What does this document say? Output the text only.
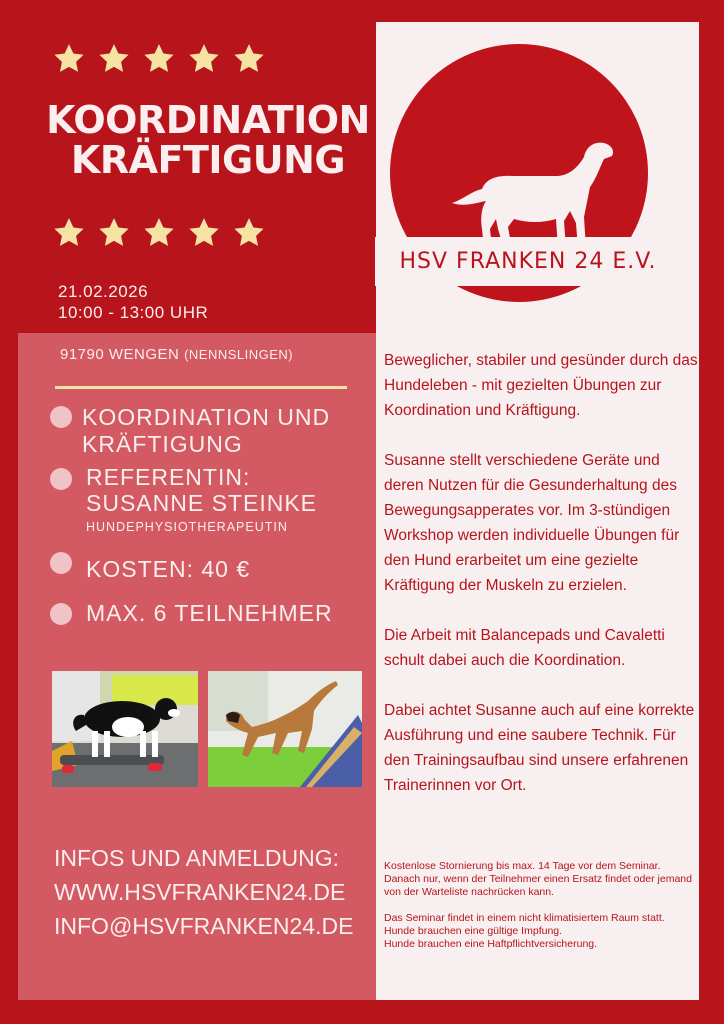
KOORDINATION
KRÄFTIGUNG
21.02.2026
10:00 - 13:00 UHR
HSV FRANKEN 24 E.V.
91790 WENGEN (NENNSLINGEN)
KOORDINATION UND
KRÄFTIGUNG
REFERENTIN:
SUSANNE STEINKE
HUNDEPHYSIOTHERAPEUTIN
KOSTEN: 40 €
MAX. 6 TEILNEHMER
INFOS UND ANMELDUNG:
WWW.HSVFRANKEN24.DE
INFO@HSVFRANKEN24.DE

Beweglicher, stabiler und gesünder durch das Hundeleben - mit gezielten Übungen zur Koordination und Kräftigung.

Susanne stellt verschiedene Geräte und deren Nutzen für die Gesunderhaltung des Bewegungsapperates vor. Im 3-stündigen Workshop werden individuelle Übungen für den Hund erarbeitet um eine gezielte Kräftigung der Muskeln zu erzielen.

Die Arbeit mit Balancepads und Cavaletti schult dabei auch die Koordination.

Dabei achtet Susanne auch auf eine korrekte Ausführung und eine saubere Technik. Für den Trainingsaufbau sind unsere erfahrenen Trainerinnen vor Ort.

Kostenlose Stornierung bis max. 14 Tage vor dem Seminar. Danach nur, wenn der Teilnehmer einen Ersatz findet oder jemand von der Warteliste nachrücken kann.

Das Seminar findet in einem nicht klimatisiertem Raum statt.
Hunde brauchen eine gültige Impfung.
Hunde brauchen eine Haftpflichtversicherung.
